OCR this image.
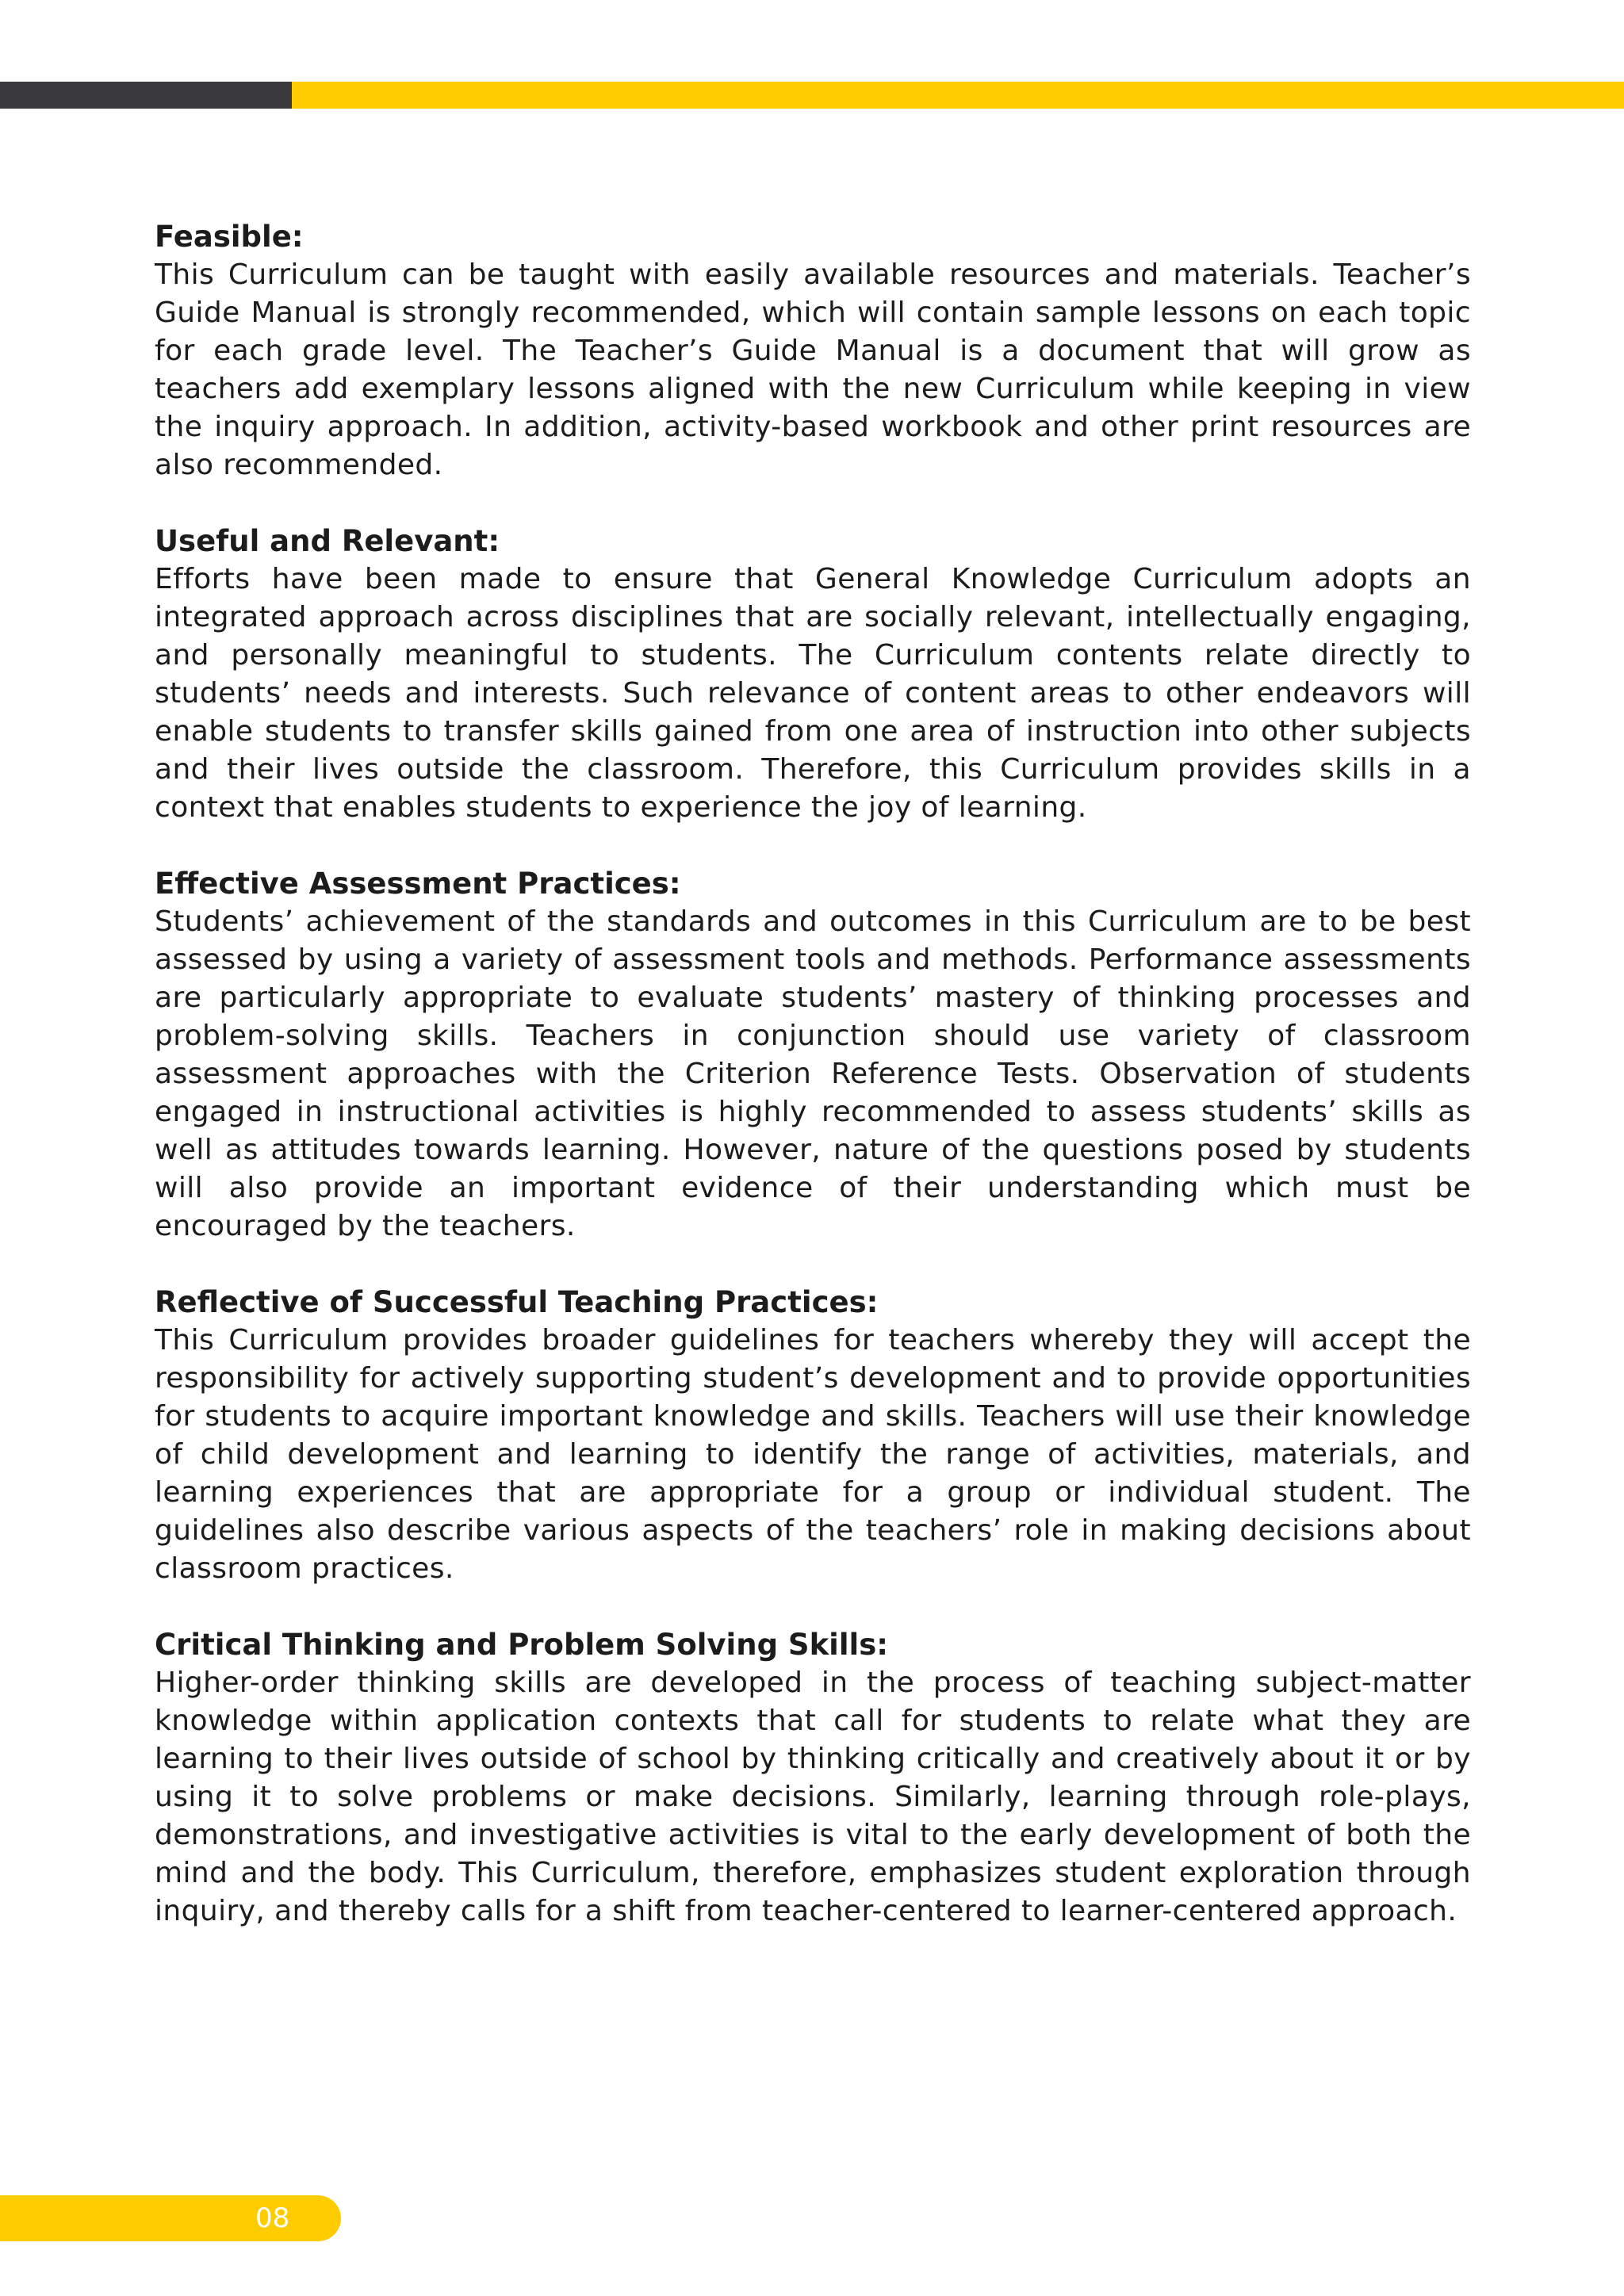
Feasible:

This Curriculum can be taught with easily available resources and materials. Teacher’s Guide Manual is strongly recommended, which will contain sample lessons on each topic for each grade level. The Teacher’s Guide Manual is a document that will grow as teachers add exemplary lessons aligned with the new Curriculum while keeping in view the inquiry approach. In addition, activity-based workbook and other print resources are also recommended.

Useful and Relevant:

Efforts have been made to ensure that General Knowledge Curriculum adopts an integrated approach across disciplines that are socially relevant, intellectually engaging, and personally meaningful to students. The Curriculum contents relate directly to students’ needs and interests. Such relevance of content areas to other endeavors will enable students to transfer skills gained from one area of instruction into other subjects and their lives outside the classroom. Therefore, this Curriculum provides skills in a context that enables students to experience the joy of learning.

Effective Assessment Practices:

Students’ achievement of the standards and outcomes in this Curriculum are to be best assessed by using a variety of assessment tools and methods. Performance assessments are particularly appropriate to evaluate students’ mastery of thinking processes and problem-solving skills. Teachers in conjunction should use variety of classroom assessment approaches with the Criterion Reference Tests. Observation of students engaged in instructional activities is highly recommended to assess students’ skills as well as attitudes towards learning. However, nature of the questions posed by students will also provide an important evidence of their understanding which must be encouraged by the teachers.

Reflective of Successful Teaching Practices:

This Curriculum provides broader guidelines for teachers whereby they will accept the responsibility for actively supporting student’s development and to provide opportunities for students to acquire important knowledge and skills. Teachers will use their knowledge of child development and learning to identify the range of activities, materials, and learning experiences that are appropriate for a group or individual student. The guidelines also describe various aspects of the teachers’ role in making decisions about classroom practices.

Critical Thinking and Problem Solving Skills:

Higher-order thinking skills are developed in the process of teaching subject-matter knowledge within application contexts that call for students to relate what they are learning to their lives outside of school by thinking critically and creatively about it or by using it to solve problems or make decisions. Similarly, learning through role-plays, demonstrations, and investigative activities is vital to the early development of both the mind and the body. This Curriculum, therefore, emphasizes student exploration through inquiry, and thereby calls for a shift from teacher-centered to learner-centered approach.

08
